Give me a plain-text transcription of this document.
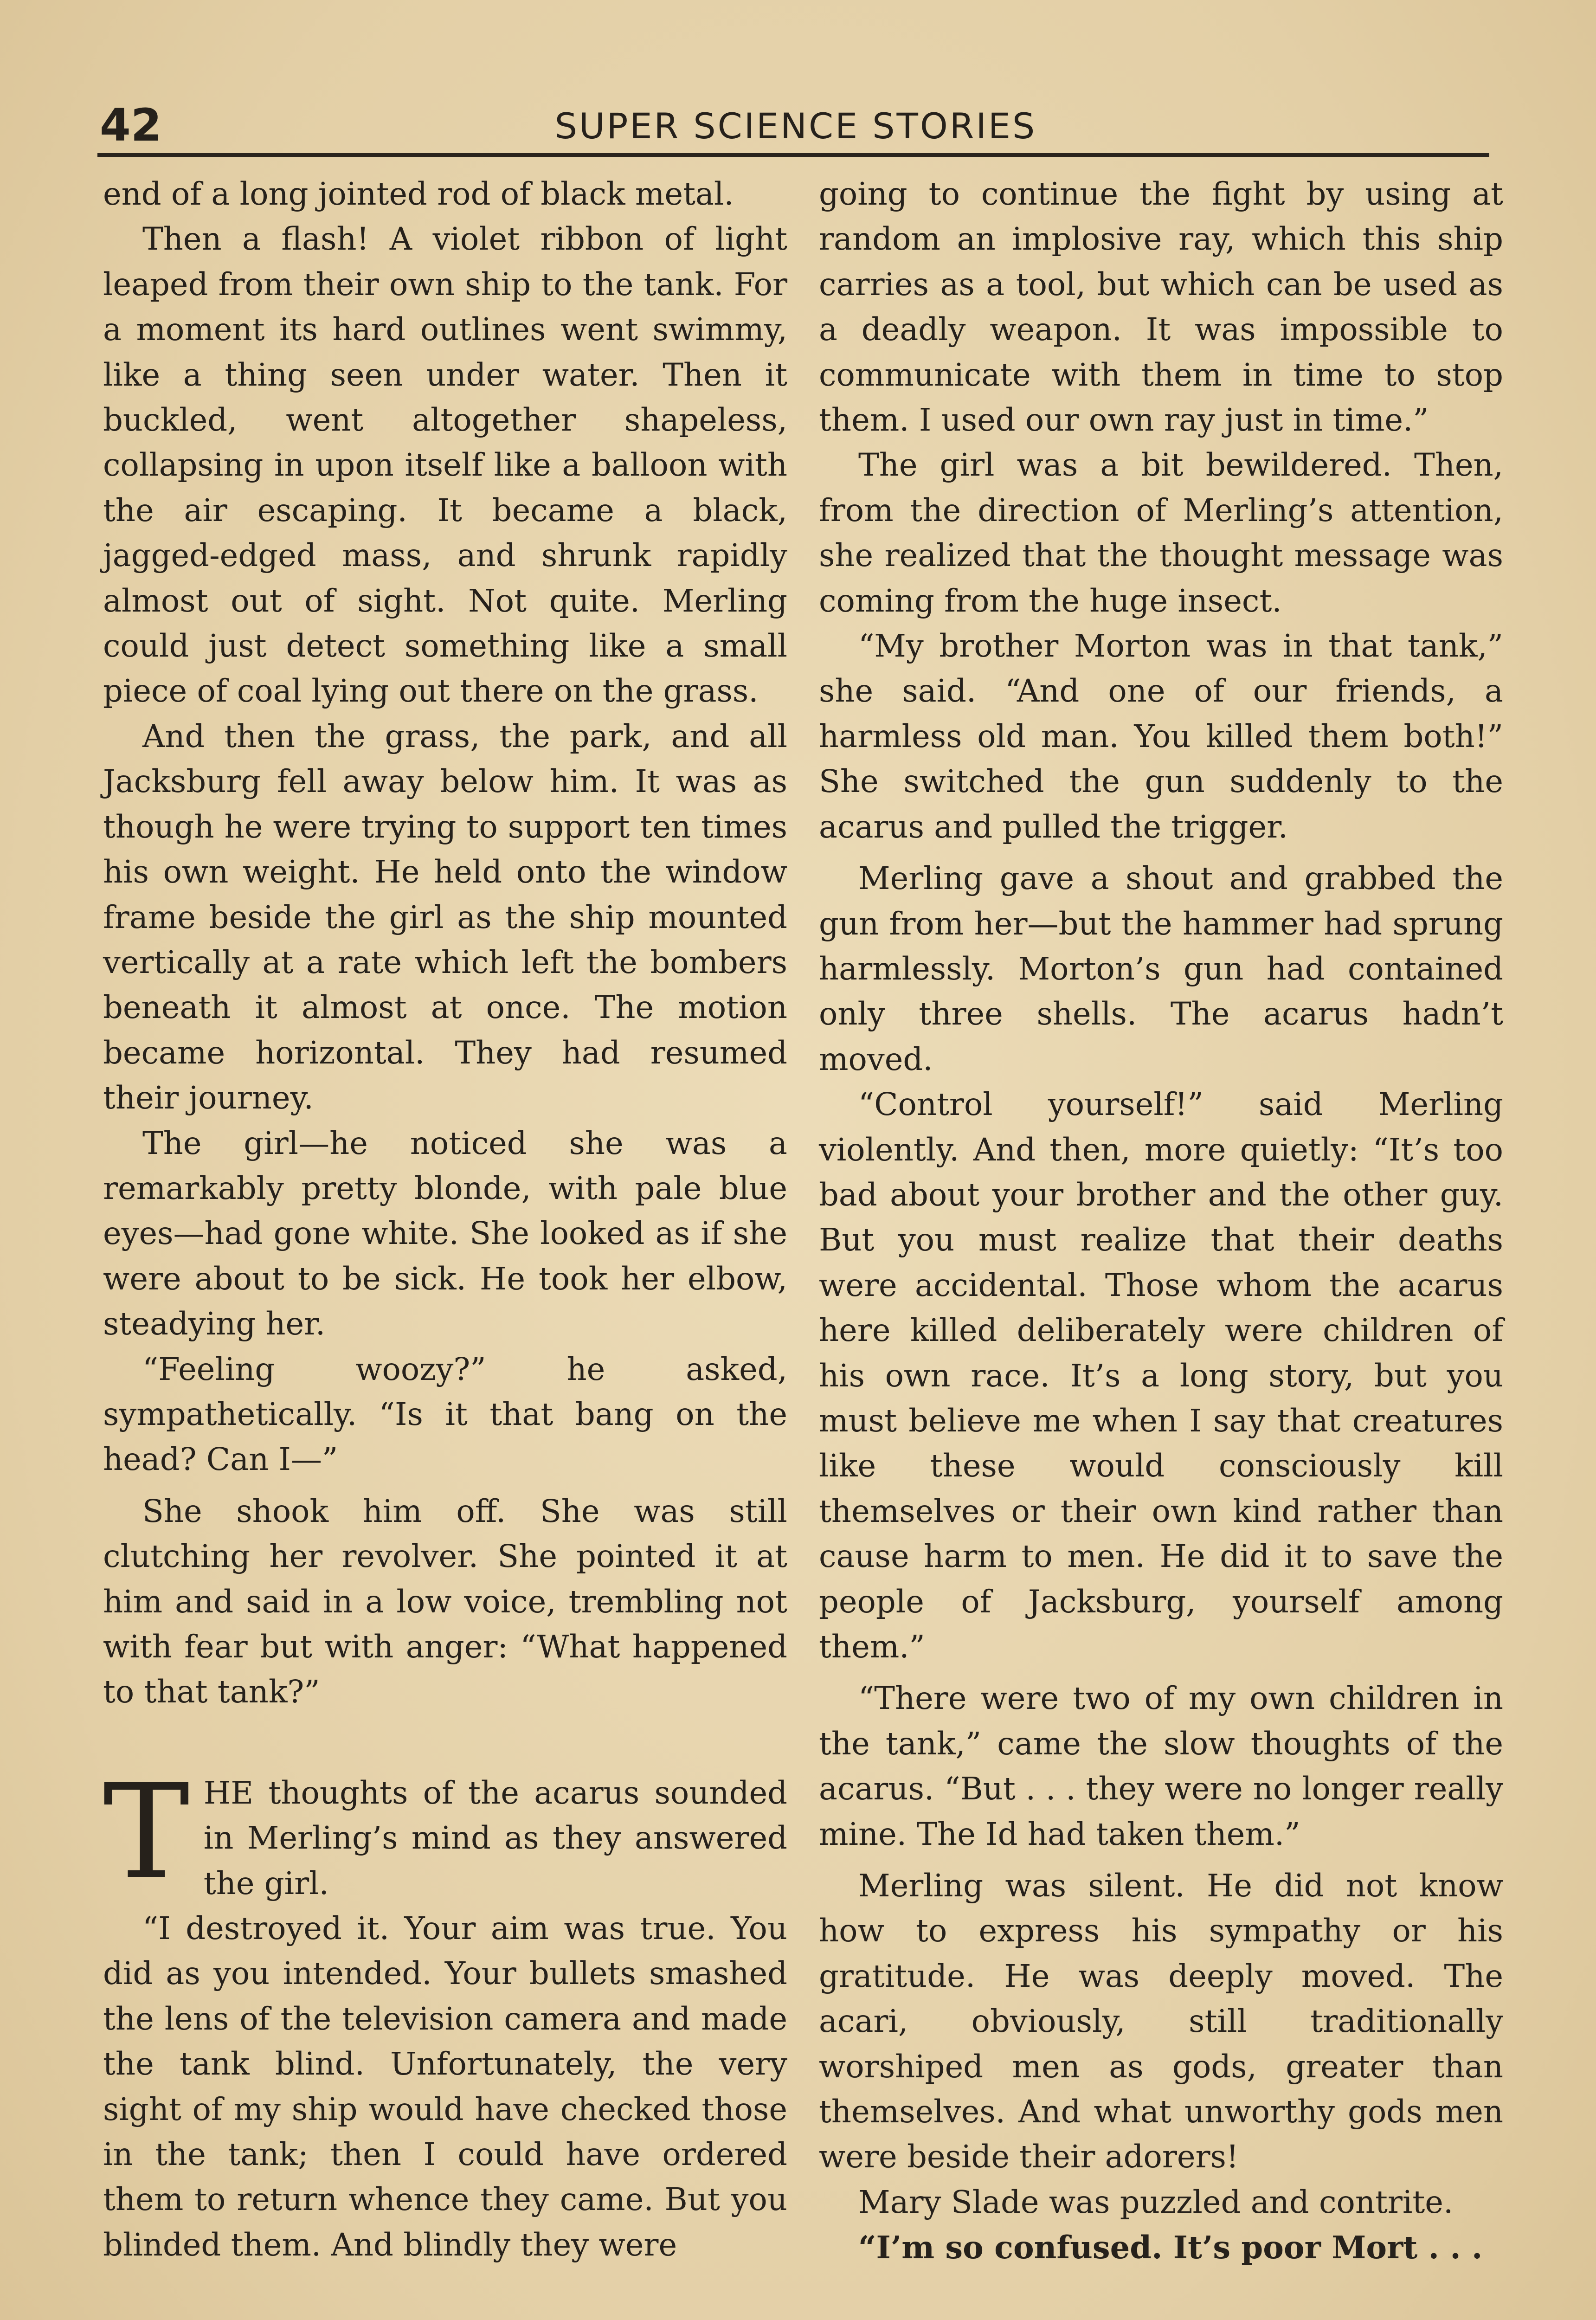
42	SUPER SCIENCE STORIES

end of a long jointed rod of black metal.

Then a flash! A violet ribbon of light leaped from their own ship to the tank. For a moment its hard outlines went swimmy, like a thing seen under water. Then it buckled, went altogether shapeless, collapsing in upon itself like a balloon with the air escaping. It became a black, jagged-edged mass, and shrunk rapidly almost out of sight. Not quite. Merling could just detect something like a small piece of coal lying out there on the grass.

And then the grass, the park, and all Jacksburg fell away below him. It was as though he were trying to support ten times his own weight. He held onto the window frame beside the girl as the ship mounted vertically at a rate which left the bombers beneath it almost at once. The motion became horizontal. They had resumed their journey.

The girl—he noticed she was a remarkably pretty blonde, with pale blue eyes—had gone white. She looked as if she were about to be sick. He took her elbow, steadying her.

“Feeling woozy?” he asked, sympathetically. “Is it that bang on the head? Can I—”

She shook him off. She was still clutching her revolver. She pointed it at him and said in a low voice, trembling not with fear but with anger: “What happened to that tank?”

THE thoughts of the acarus sounded in Merling’s mind as they answered the girl.

“I destroyed it. Your aim was true. You did as you intended. Your bullets smashed the lens of the television camera and made the tank blind. Unfortunately, the very sight of my ship would have checked those in the tank; then I could have ordered them to return whence they came. But you blinded them. And blindly they were

going to continue the fight by using at random an implosive ray, which this ship carries as a tool, but which can be used as a deadly weapon. It was impossible to communicate with them in time to stop them. I used our own ray just in time.”

The girl was a bit bewildered. Then, from the direction of Merling’s attention, she realized that the thought message was coming from the huge insect.

“My brother Morton was in that tank,” she said. “And one of our friends, a harmless old man. You killed them both!” She switched the gun suddenly to the acarus and pulled the trigger.

Merling gave a shout and grabbed the gun from her—but the hammer had sprung harmlessly. Morton’s gun had contained only three shells. The acarus hadn’t moved.

“Control yourself!” said Merling violently. And then, more quietly: “It’s too bad about your brother and the other guy. But you must realize that their deaths were accidental. Those whom the acarus here killed deliberately were children of his own race. It’s a long story, but you must believe me when I say that creatures like these would consciously kill themselves or their own kind rather than cause harm to men. He did it to save the people of Jacksburg, yourself among them.”

“There were two of my own children in the tank,” came the slow thoughts of the acarus. “But . . . they were no longer really mine. The Id had taken them.”

Merling was silent. He did not know how to express his sympathy or his gratitude. He was deeply moved. The acari, obviously, still traditionally worshiped men as gods, greater than themselves. And what unworthy gods men were beside their adorers!

Mary Slade was puzzled and contrite.

“I’m so confused. It’s poor Mort . . .
